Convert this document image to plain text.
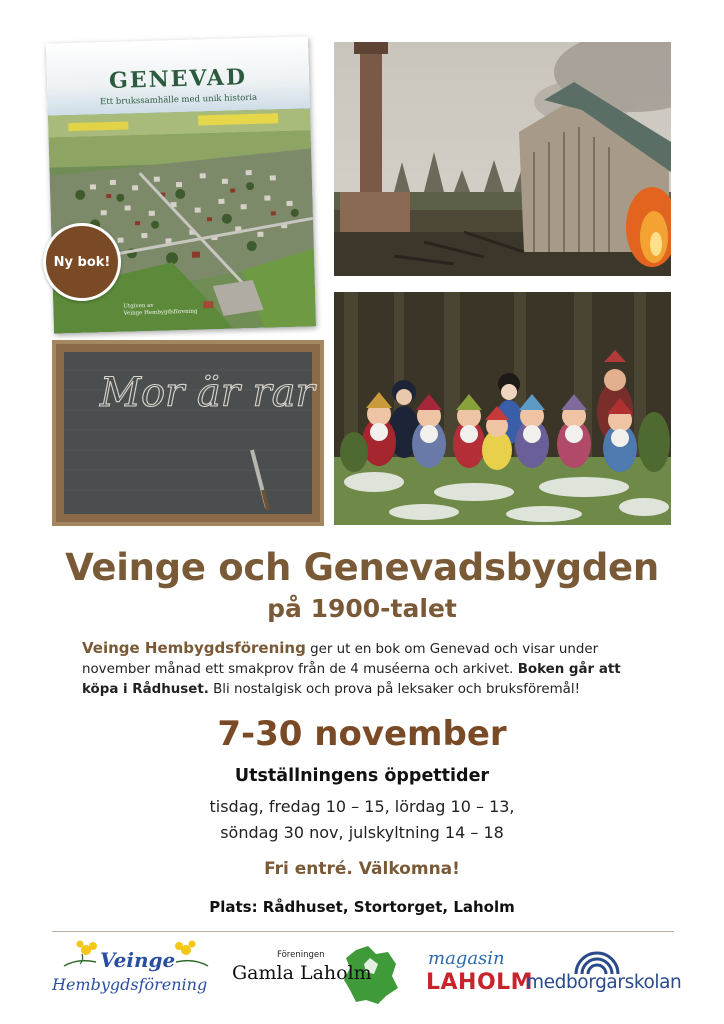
GENEVAD
Ett brukssamhälle med unik historia
Utgiven av
Veinge Hembygdsförening
Ny bok!
Mor är rar
Veinge och Genevadsbygden
på 1900-talet
Veinge Hembygdsförening ger ut en bok om Genevad och visar under november månad ett smakprov från de 4 muséerna och arkivet. Boken går att köpa i Rådhuset. Bli nostalgisk och prova på leksaker och bruksföremål!
7-30 november
Utställningens öppettider
tisdag, fredag 10 – 15, lördag 10 – 13,
söndag 30 nov, julskyltning 14 – 18
Fri entré. Välkomna!
Plats: Rådhuset, Stortorget, Laholm
Veinge
Hembygdsförening
Föreningen
Gamla Laholm
magasin
LAHOLM
medborgarskolan
